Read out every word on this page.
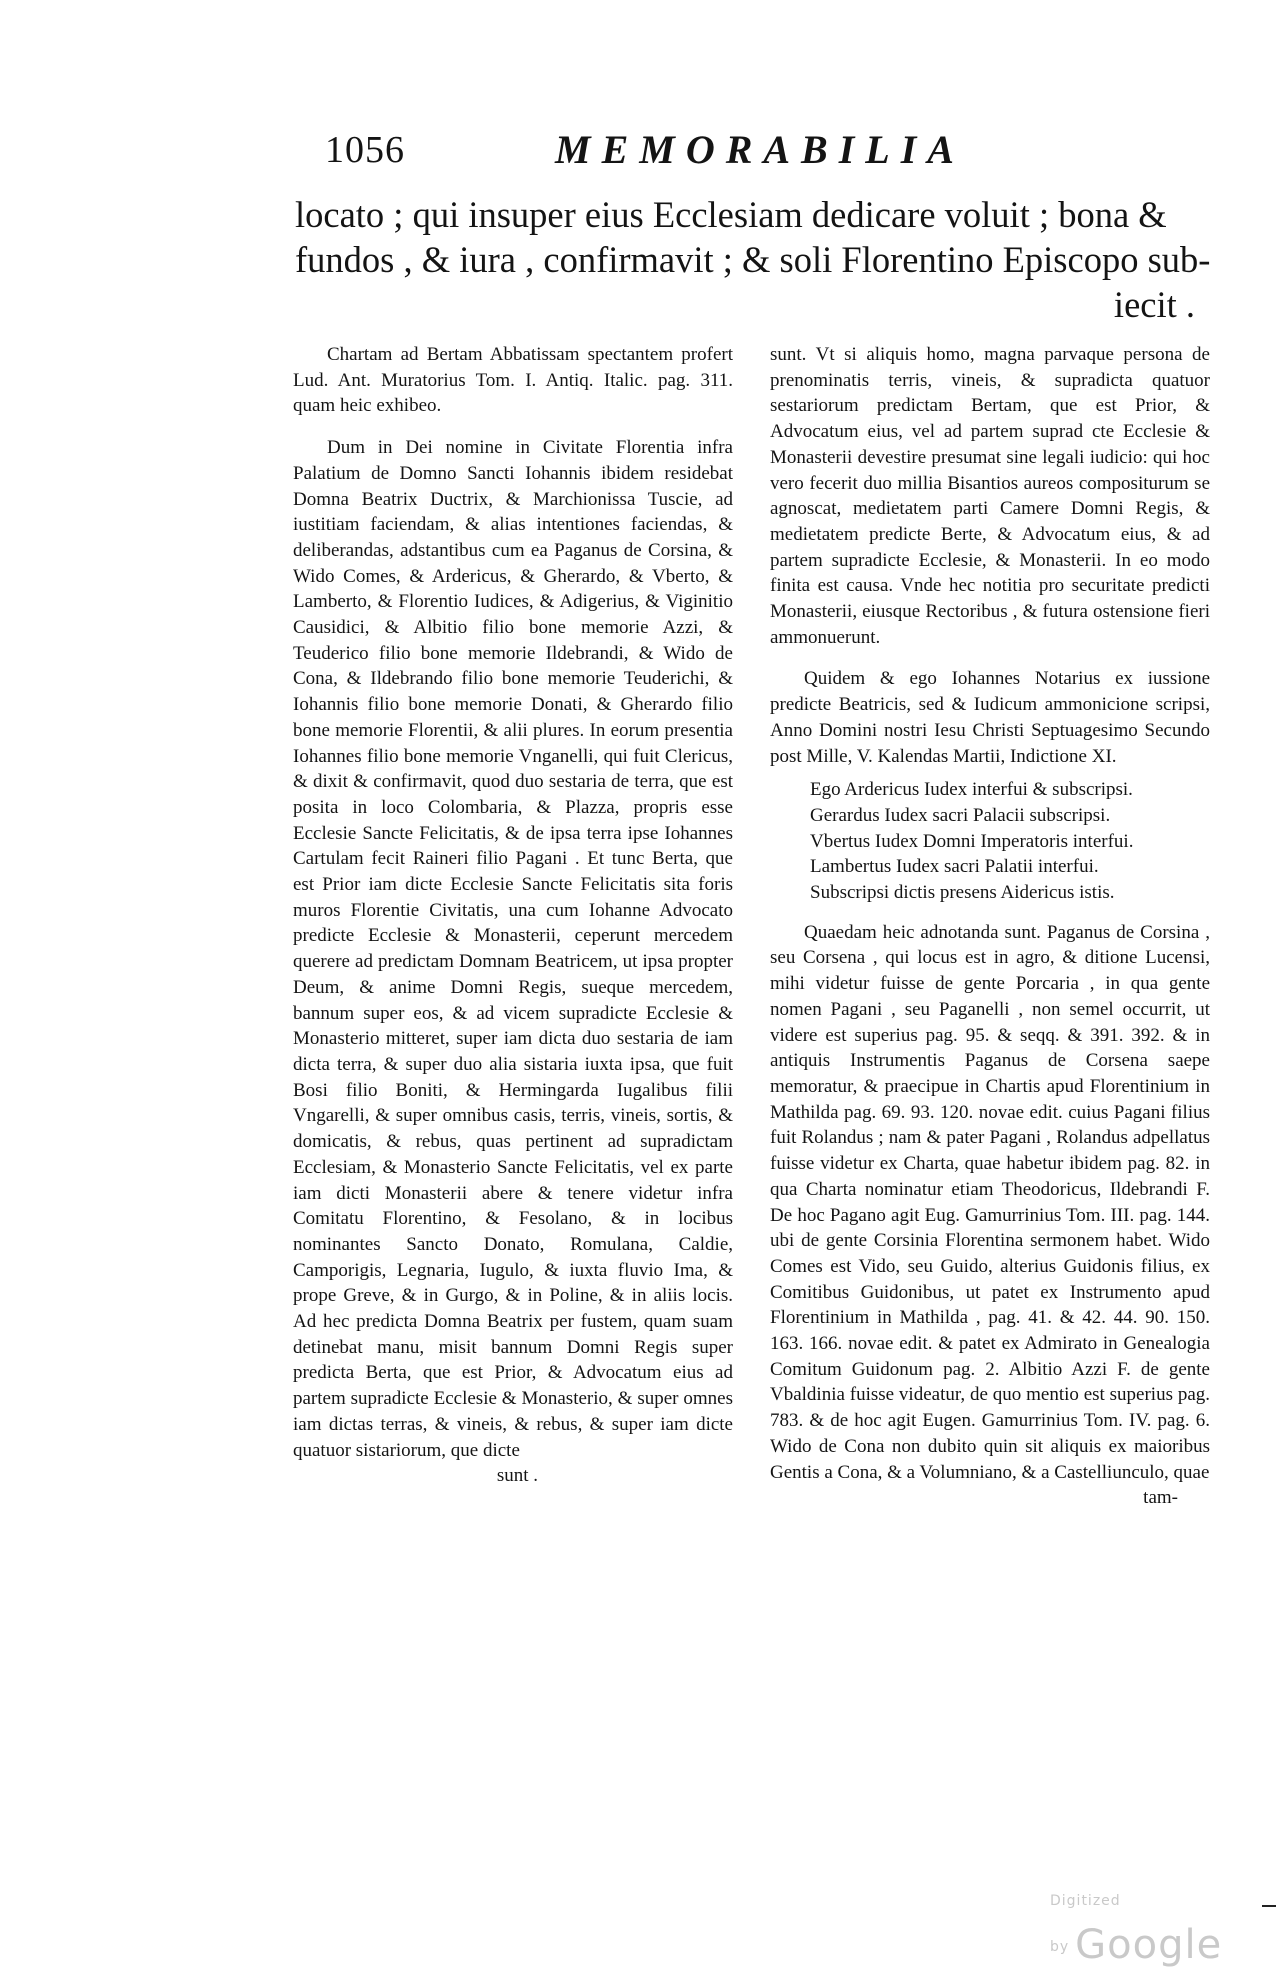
1056	MEMORABILIA
locato ; qui insuper eius Ecclesiam dedicare voluit ; bona &
fundos , & iura , confirmavit ; & soli Florentino Episcopo sub-
iecit .

Chartam ad Bertam Abbatissam spectantem profert Lud. Ant. Muratorius Tom. I. Antiq. Italic. pag. 311. quam heic exhibeo.

Dum in Dei nomine in Civitate Florentia infra Palatium de Domno Sancti Iohannis ibidem residebat Domna Beatrix Ductrix, & Marchionissa Tuscie, ad iustitiam faciendam, & alias intentiones faciendas, & deliberandas, adstantibus cum ea Paganus de Corsina, & Wido Comes, & Ardericus, & Gherardo, & Vberto, & Lamberto, & Florentio Iudices, & Adigerius, & Viginitio Causidici, & Albitio filio bone memorie Azzi, & Teuderico filio bone memorie Ildebrandi, & Wido de Cona, & Ildebrando filio bone memorie Teuderichi, & Iohannis filio bone memorie Donati, & Gherardo filio bone memorie Florentii, & alii plures. In eorum presentia Iohannes filio bone memorie Vnganelli, qui fuit Clericus, & dixit & confirmavit, quod duo sestaria de terra, que est posita in loco Colombaria, & Plazza, propris esse Ecclesie Sancte Felicitatis, & de ipsa terra ipse Iohannes Cartulam fecit Raineri filio Pagani . Et tunc Berta, que est Prior iam dicte Ecclesie Sancte Felicitatis sita foris muros Florentie Civitatis, una cum Iohanne Advocato predicte Ecclesie & Monasterii, ceperunt mercedem querere ad predictam Domnam Beatricem, ut ipsa propter Deum, & anime Domni Regis, sueque mercedem, bannum super eos, & ad vicem supradicte Ecclesie & Monasterio mitteret, super iam dicta duo sestaria de iam dicta terra, & super duo alia sistaria iuxta ipsa, que fuit Bosi filio Boniti, & Hermingarda Iugalibus filii Vngarelli, & super omnibus casis, terris, vineis, sortis, & domicatis, & rebus, quas pertinent ad supradictam Ecclesiam, & Monasterio Sancte Felicitatis, vel ex parte iam dicti Monasterii abere & tenere videtur infra Comitatu Florentino, & Fesolano, & in locibus nominantes Sancto Donato, Romulana, Caldie, Camporigis, Legnaria, Iugulo, & iuxta fluvio Ima, & prope Greve, & in Gurgo, & in Poline, & in aliis locis. Ad hec predicta Domna Beatrix per fustem, quam suam detinebat manu, misit bannum Domni Regis super predicta Berta, que est Prior, & Advocatum eius ad partem supradicte Ecclesie & Monasterio, & super omnes iam dictas terras, & vineis, & rebus, & super iam dicte quatuor sistariorum, que dicte

sunt .

sunt. Vt si aliquis homo, magna parvaque persona de prenominatis terris, vineis, & supradicta quatuor sestariorum predictam Bertam, que est Prior, & Advocatum eius, vel ad partem suprad cte Ecclesie & Monasterii devestire presumat sine legali iudicio: qui hoc vero fecerit duo millia Bisantios aureos compositurum se agnoscat, medietatem parti Camere Domni Regis, & medietatem predicte Berte, & Advocatum eius, & ad partem supradicte Ecclesie, & Monasterii. In eo modo finita est causa. Vnde hec notitia pro securitate predicti Monasterii, eiusque Rectoribus , & futura ostensione fieri ammonuerunt.

Quidem & ego Iohannes Notarius ex iussione predicte Beatricis, sed & Iudicum ammonicione scripsi, Anno Domini nostri Iesu Christi Septuagesimo Secundo post Mille, V. Kalendas Martii, Indictione XI.

Ego Ardericus Iudex interfui & subscripsi.

Gerardus Iudex sacri Palacii subscripsi.

Vbertus Iudex Domni Imperatoris interfui.

Lambertus Iudex sacri Palatii interfui.

Subscripsi dictis presens Aidericus istis.

Quaedam heic adnotanda sunt. Paganus de Corsina , seu Corsena , qui locus est in agro, & ditione Lucensi, mihi videtur fuisse de gente Porcaria , in qua gente nomen Pagani , seu Paganelli , non semel occurrit, ut videre est superius pag. 95. & seqq. & 391. 392. & in antiquis Instrumentis Paganus de Corsena saepe memoratur, & praecipue in Chartis apud Florentinium in Mathilda pag. 69. 93. 120. novae edit. cuius Pagani filius fuit Rolandus ; nam & pater Pagani , Rolandus adpellatus fuisse videtur ex Charta, quae habetur ibidem pag. 82. in qua Charta nominatur etiam Theodoricus, Ildebrandi F. De hoc Pagano agit Eug. Gamurrinius Tom. III. pag. 144. ubi de gente Corsinia Florentina sermonem habet. Wido Comes est Vido, seu Guido, alterius Guidonis filius, ex Comitibus Guidonibus, ut patet ex Instrumento apud Florentinium in Mathilda , pag. 41. & 42. 44. 90. 150. 163. 166. novae edit. & patet ex Admirato in Genealogia Comitum Guidonum pag. 2. Albitio Azzi F. de gente Vbaldinia fuisse videatur, de quo mentio est superius pag. 783. & de hoc agit Eugen. Gamurrinius Tom. IV. pag. 6. Wido de Cona non dubito quin sit aliquis ex maioribus Gentis a Cona, & a Volumniano, & a Castelliunculo, quae

tam-
Digitized by Google
